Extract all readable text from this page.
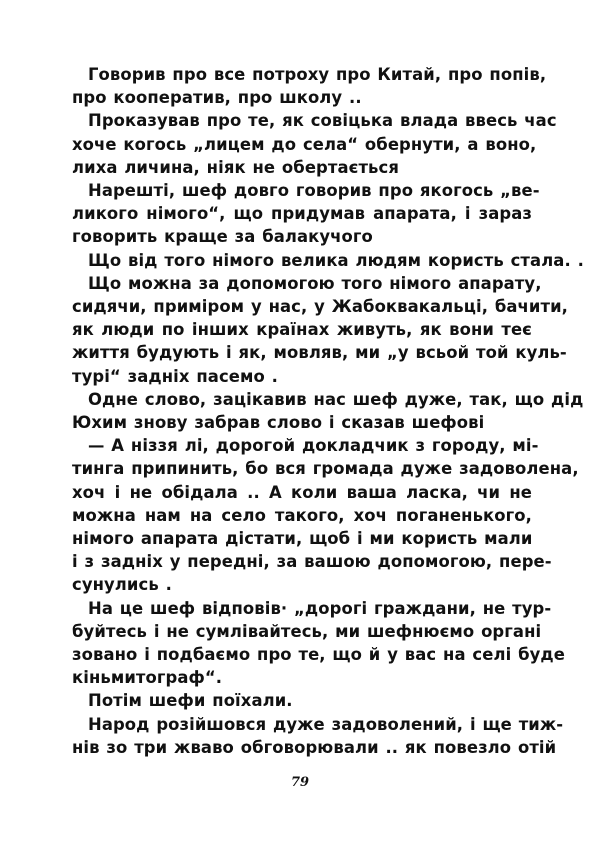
Говорив про все потроху про Китай, про попів,
про кооператив, про школу ..

Проказував про те, як совіцька влада ввесь час
хоче когось „лицем до села“ обернути, а воно,
лиха личина, ніяк не обертається

Нарешті, шеф довго говорив про якогось „ве-
ликого німого“, що придумав апарата, і зараз
говорить краще за балакучого

Що від того німого велика людям користь стала. .

Що можна за допомогою того німого апарату,
сидячи, приміром у нас, у Жабоквакальці, бачити,
як люди по інших країнах живуть, як вони теє
життя будують і як, мовляв, ми „у всьой той куль-
турі“ задніх пасемо .

Одне слово, зацікавив нас шеф дуже, так, що дід
Юхим знову забрав слово і сказав шефові

— А ніззя лі, дорогой докладчик з городу, мі-
тинга припинить, бо вся громада дуже задоволена,
хоч і не обідала .. А коли ваша ласка, чи не
можна нам на село такого, хоч поганенького,
німого апарата дістати, щоб і ми користь мали
і з задніх у передні, за вашою допомогою, пере-
сунулись .

На це шеф відповів· „дорогі граждани, не тур-
буйтесь і не сумлівайтесь, ми шефнюємо органі
зовано і подбаємо про те, що й у вас на селі буде
кіньмитограф“.

Потім шефи поїхали.

Народ розійшовся дуже задоволений, і ще тиж-
нів зо три жваво обговорювали .. як повезло отій

79
